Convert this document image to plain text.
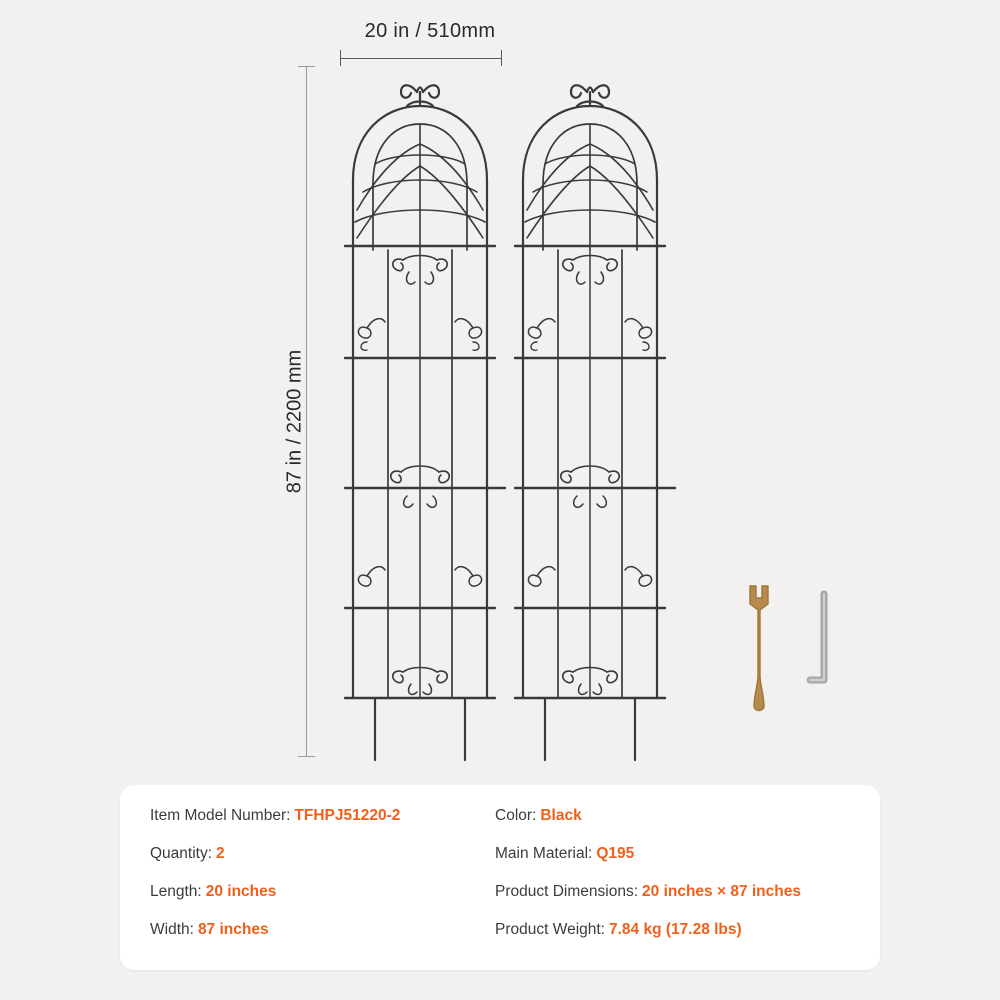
20 in / 510mm
87 in / 2200 mm
Item Model Number: TFHPJ51220-2	Color: Black
Quantity: 2	Main Material: Q195
Length: 20 inches	Product Dimensions: 20 inches × 87 inches
Width: 87 inches	Product Weight: 7.84 kg (17.28 lbs)
